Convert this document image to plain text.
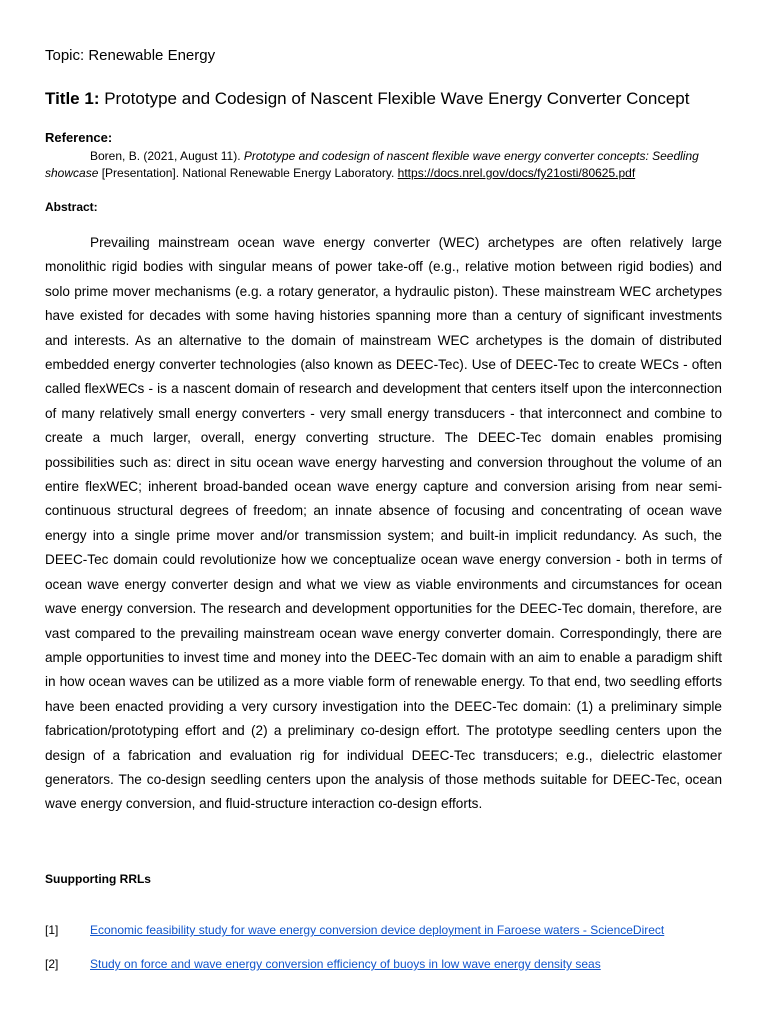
Topic: Renewable Energy
Title 1: Prototype and Codesign of Nascent Flexible Wave Energy Converter Concept
Reference:
Boren, B. (2021, August 11). Prototype and codesign of nascent flexible wave energy converter concepts: Seedling showcase [Presentation]. National Renewable Energy Laboratory. https://docs.nrel.gov/docs/fy21osti/80625.pdf
Abstract:

Prevailing mainstream ocean wave energy converter (WEC) archetypes are often relatively large monolithic rigid bodies with singular means of power take-off (e.g., relative motion between rigid bodies) and solo prime mover mechanisms (e.g. a rotary generator, a hydraulic piston). These mainstream WEC archetypes have existed for decades with some having histories spanning more than a century of significant investments and interests. As an alternative to the domain of mainstream WEC archetypes is the domain of distributed embedded energy converter technologies (also known as DEEC-Tec). Use of DEEC-Tec to create WECs - often called flexWECs - is a nascent domain of research and development that centers itself upon the interconnection of many relatively small energy converters - very small energy transducers - that interconnect and combine to create a much larger, overall, energy converting structure. The DEEC-Tec domain enables promising possibilities such as: direct in situ ocean wave energy harvesting and conversion throughout the volume of an entire flexWEC; inherent broad-banded ocean wave energy capture and conversion arising from near semi-continuous structural degrees of freedom; an innate absence of focusing and concentrating of ocean wave energy into a single prime mover and/or transmission system; and built-in implicit redundancy. As such, the DEEC-Tec domain could revolutionize how we conceptualize ocean wave energy conversion - both in terms of ocean wave energy converter design and what we view as viable environments and circumstances for ocean wave energy conversion. The research and development opportunities for the DEEC-Tec domain, therefore, are vast compared to the prevailing mainstream ocean wave energy converter domain. Correspondingly, there are ample opportunities to invest time and money into the DEEC-Tec domain with an aim to enable a paradigm shift in how ocean waves can be utilized as a more viable form of renewable energy. To that end, two seedling efforts have been enacted providing a very cursory investigation into the DEEC-Tec domain: (1) a preliminary simple fabrication/prototyping effort and (2) a preliminary co-design effort. The prototype seedling centers upon the design of a fabrication and evaluation rig for individual DEEC-Tec transducers; e.g., dielectric elastomer generators. The co-design seedling centers upon the analysis of those methods suitable for DEEC-Tec, ocean wave energy conversion, and fluid-structure interaction co-design efforts.

Suupporting RRLs
[1]	Economic feasibility study for wave energy conversion device deployment in Faroese waters - ScienceDirect
[2]	Study on force and wave energy conversion efficiency of buoys in low wave energy density seas
